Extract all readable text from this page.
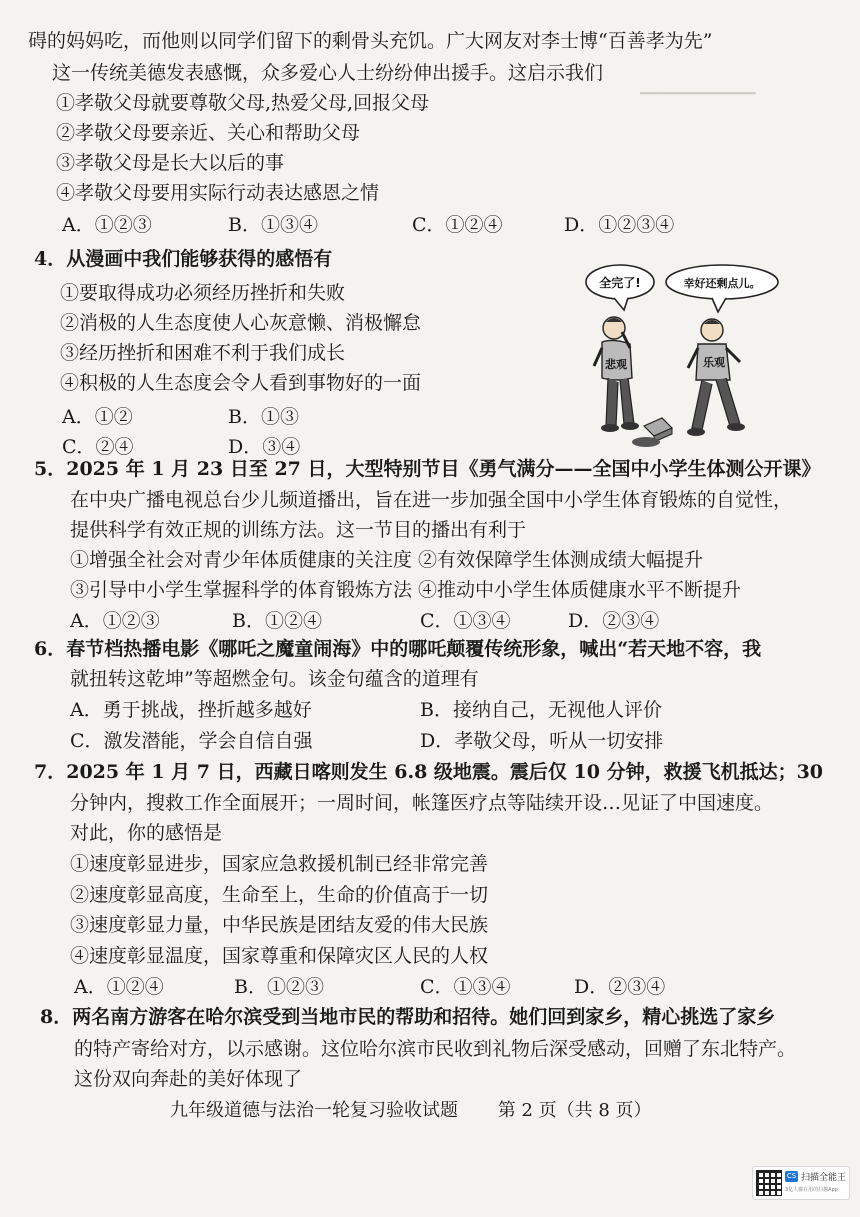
▔▔▔▔▔▔▔▔▔▔
碍的妈妈吃，而他则以同学们留下的剩骨头充饥。广大网友对李士博“百善孝为先”
这一传统美德发表感慨，众多爱心人士纷纷伸出援手。这启示我们
①孝敬父母就要尊敬父母,热爱父母,回报父母
②孝敬父母要亲近、关心和帮助父母
③孝敬父母是长大以后的事
④孝敬父母要用实际行动表达感恩之情
A．①②③	B．①③④	C．①②④	D．①②③④
4．从漫画中我们能够获得的感悟有
①要取得成功必须经历挫折和失败
②消极的人生态度使人心灰意懒、消极懈怠
③经历挫折和困难不利于我们成长
④积极的人生态度会令人看到事物好的一面
A．①②	B．①③
C．②④	D．③④
全完了!	幸好还剩点儿。
悲观	乐观
5．2025 年 1 月 23 日至 27 日，大型特别节目《勇气满分——全国中小学生体测公开课》
在中央广播电视总台少儿频道播出，旨在进一步加强全国中小学生体育锻炼的自觉性，
提供科学有效正规的训练方法。这一节目的播出有利于
①增强全社会对青少年体质健康的关注度 ②有效保障学生体测成绩大幅提升
③引导中小学生掌握科学的体育锻炼方法 ④推动中小学生体质健康水平不断提升
A．①②③	B．①②④	C．①③④	D．②③④
6．春节档热播电影《哪吒之魔童闹海》中的哪吒颠覆传统形象，喊出“若天地不容，我
就扭转这乾坤”等超燃金句。该金句蕴含的道理有
A．勇于挑战，挫折越多越好	B．接纳自己，无视他人评价
C．激发潜能，学会自信自强	D．孝敬父母，听从一切安排
7．2025 年 1 月 7 日，西藏日喀则发生 6.8 级地震。震后仅 10 分钟，救援飞机抵达；30
分钟内，搜救工作全面展开；一周时间，帐篷医疗点等陆续开设…见证了中国速度。
对此，你的感悟是
①速度彰显进步，国家应急救援机制已经非常完善
②速度彰显高度，生命至上，生命的价值高于一切
③速度彰显力量，中华民族是团结友爱的伟大民族
④速度彰显温度，国家尊重和保障灾区人民的人权
A．①②④	B．①②③	C．①③④	D．②③④
8．两名南方游客在哈尔滨受到当地市民的帮助和招待。她们回到家乡，精心挑选了家乡
的特产寄给对方，以示感谢。这位哈尔滨市民收到礼物后深受感动，回赠了东北特产。
这份双向奔赴的美好体现了
九年级道德与法治一轮复习验收试题 第 2 页（共 8 页）
CS 扫描全能王
3亿人都在用的扫描App
